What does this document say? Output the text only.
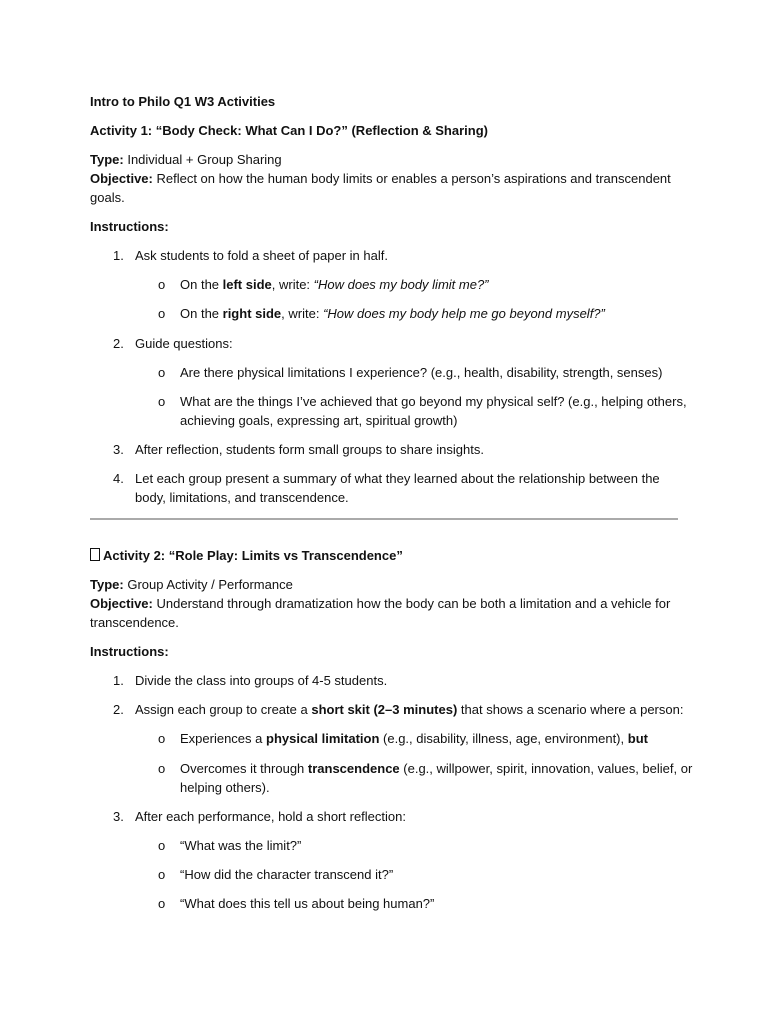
Intro to Philo Q1 W3 Activities
Activity 1: “Body Check: What Can I Do?” (Reflection & Sharing)
Type: Individual + Group Sharing
Objective: Reflect on how the human body limits or enables a person’s aspirations and transcendent
goals.
Instructions:
1. Ask students to fold a sheet of paper in half.
o On the left side, write: “How does my body limit me?”
o On the right side, write: “How does my body help me go beyond myself?”
2. Guide questions:
o Are there physical limitations I experience? (e.g., health, disability, strength, senses)
o What are the things I’ve achieved that go beyond my physical self? (e.g., helping others,
achieving goals, expressing art, spiritual growth)
3. After reflection, students form small groups to share insights.
4. Let each group present a summary of what they learned about the relationship between the
body, limitations, and transcendence.
Activity 2: “Role Play: Limits vs Transcendence”
Type: Group Activity / Performance
Objective: Understand through dramatization how the body can be both a limitation and a vehicle for
transcendence.
Instructions:
1. Divide the class into groups of 4-5 students.
2. Assign each group to create a short skit (2–3 minutes) that shows a scenario where a person:
o Experiences a physical limitation (e.g., disability, illness, age, environment), but
o Overcomes it through transcendence (e.g., willpower, spirit, innovation, values, belief, or
helping others).
3. After each performance, hold a short reflection:
o “What was the limit?”
o “How did the character transcend it?”
o “What does this tell us about being human?”
